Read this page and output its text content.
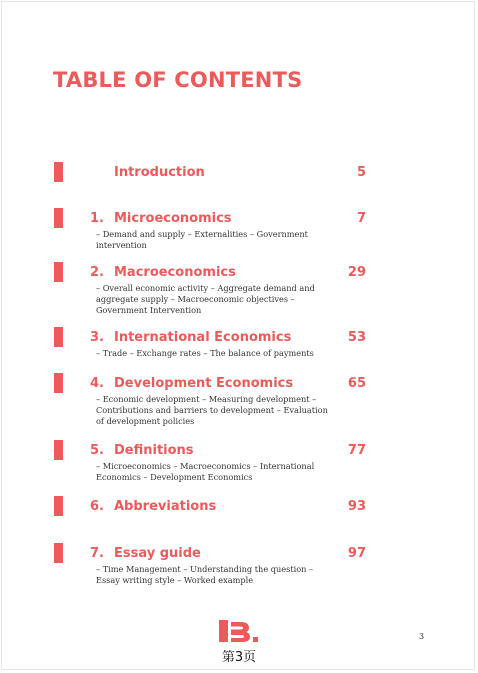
TABLE OF CONTENTS
Introduction	5
1. Microeconomics	7
– Demand and supply – Externalities – Government intervention
2. Macroeconomics	29
– Overall economic activity – Aggregate demand and aggregate supply – Macroeconomic objectives – Government Intervention
3. International Economics	53
– Trade – Exchange rates – The balance of payments
4. Development Economics	65
– Economic development – Measuring development – Contributions and barriers to development – Evaluation of development policies
5. Definitions	77
– Microeconomics – Macroeconomics – International Economics – Development Economics
6. Abbreviations	93
7. Essay guide	97
– Time Management – Understanding the question – Essay writing style – Worked example
第3页
3
